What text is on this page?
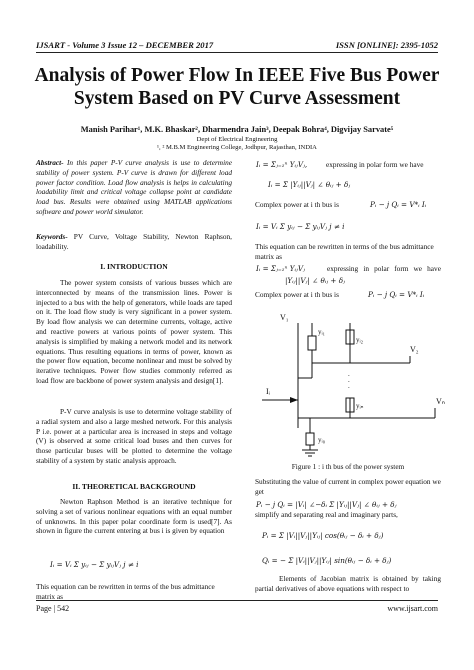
IJSART - Volume 3 Issue 12 – DECEMBER 2017	ISSN [ONLINE]: 2395-1052
Analysis of Power Flow In IEEE Five Bus Power System Based on PV Curve Assessment
Manish Parihar¹, M.K. Bhaskar², Dharmendra Jain³, Deepak Bohra⁴, Digvijay Sarvate⁵
Dept of Electrical Engineering
¹, ² M.B.M Engineering College, Jodhpur, Rajasthan, INDIA
Abstract- In this paper P-V curve analysis is use to determine stability of power system. P-V curve is drawn for different load power factor condition. Load flow analysis is helps in calculating loadability limit and critical voltage collapse point at candidate load bus. Results were obtained using MATLAB applications software and power world simulator.
Keywords- PV Curve, Voltage Stability, Newton Raphson, loadability.
I. INTRODUCTION
The power system consists of various busses which are interconnected by means of the transmission lines. Power is injected to a bus with the help of generators, while loads are taped on it. The load flow study is very significant in a power system. By load flow analysis we can determine currents, voltage, active and reactive powers at various points of power system. This analysis is simplified by making a network model and its network equations. Thus resulting equations in terms of power, known as the power flow equation, become nonlinear and must be solved by iterative techniques. Power flow studies commonly referred as load flow are backbone of power system analysis and design[1].
P-V curve analysis is use to determine voltage stability of a radial system and also a large meshed network. For this analysis P i.e. power at a particular area is increased in steps and voltage (V) is observed at some critical load buses and then curves for those particular buses will be plotted to determine the voltage stability of a system by static analysis approach.
II. THEORETICAL BACKGROUND
Newton Raphson Method is an iterative technique for solving a set of various nonlinear equations with an equal number of unknowns. In this paper polar coordinate form is used[7]. As shown in figure the current entering at bus i is given by equation
Iᵢ = Vᵢ Σ yᵢⱼ − Σ yᵢⱼVⱼ j ≠ i
This equation can be rewritten in terms of the bus admittance matrix as
Iᵢ = Σⱼ₌₁ⁿ YᵢⱼVⱼ,	expressing in polar form we have
Iᵢ = Σ |Yᵢⱼ||Vⱼ| ∠ θᵢⱼ + δⱼ
Complex power at i th bus is	Pᵢ − j Qᵢ = V*ᵢ Iᵢ
Iᵢ = Vᵢ Σ yᵢⱼ − Σ yᵢⱼVⱼ j ≠ i
This equation can be rewritten in terms of the bus admittance matrix as
Iᵢ = Σⱼ₌₁ⁿ YᵢⱼVⱼ	expressing in polar form we have
|Yᵢⱼ||Vⱼ| ∠ θᵢⱼ + δⱼ
Complex power at i th bus is	Pᵢ − j Qᵢ = V*ᵢ Iᵢ
V₁
yᵢ₁
V₂
Iᵢ
yᵢ₂
yᵢₙ	Vₙ
yᵢ₀
.
.
.
Figure 1 : i th bus of the power system
Substituting the value of current in complex power equation we get
Pᵢ − j Qᵢ = |Vᵢ| ∠−δᵢ Σ |Yᵢⱼ||Vⱼ| ∠ θᵢⱼ + δⱼ
simplify and separating real and imaginary parts,
Pᵢ = Σ |Vᵢ||Vⱼ||Yᵢⱼ| cos(θᵢⱼ − δᵢ + δⱼ)
Qᵢ = − Σ |Vᵢ||Vⱼ||Yᵢⱼ| sin(θᵢⱼ − δᵢ + δⱼ)
Elements of Jacobian matrix is obtained by taking partial derivatives of above equations with respect to
Page | 542	www.ijsart.com
